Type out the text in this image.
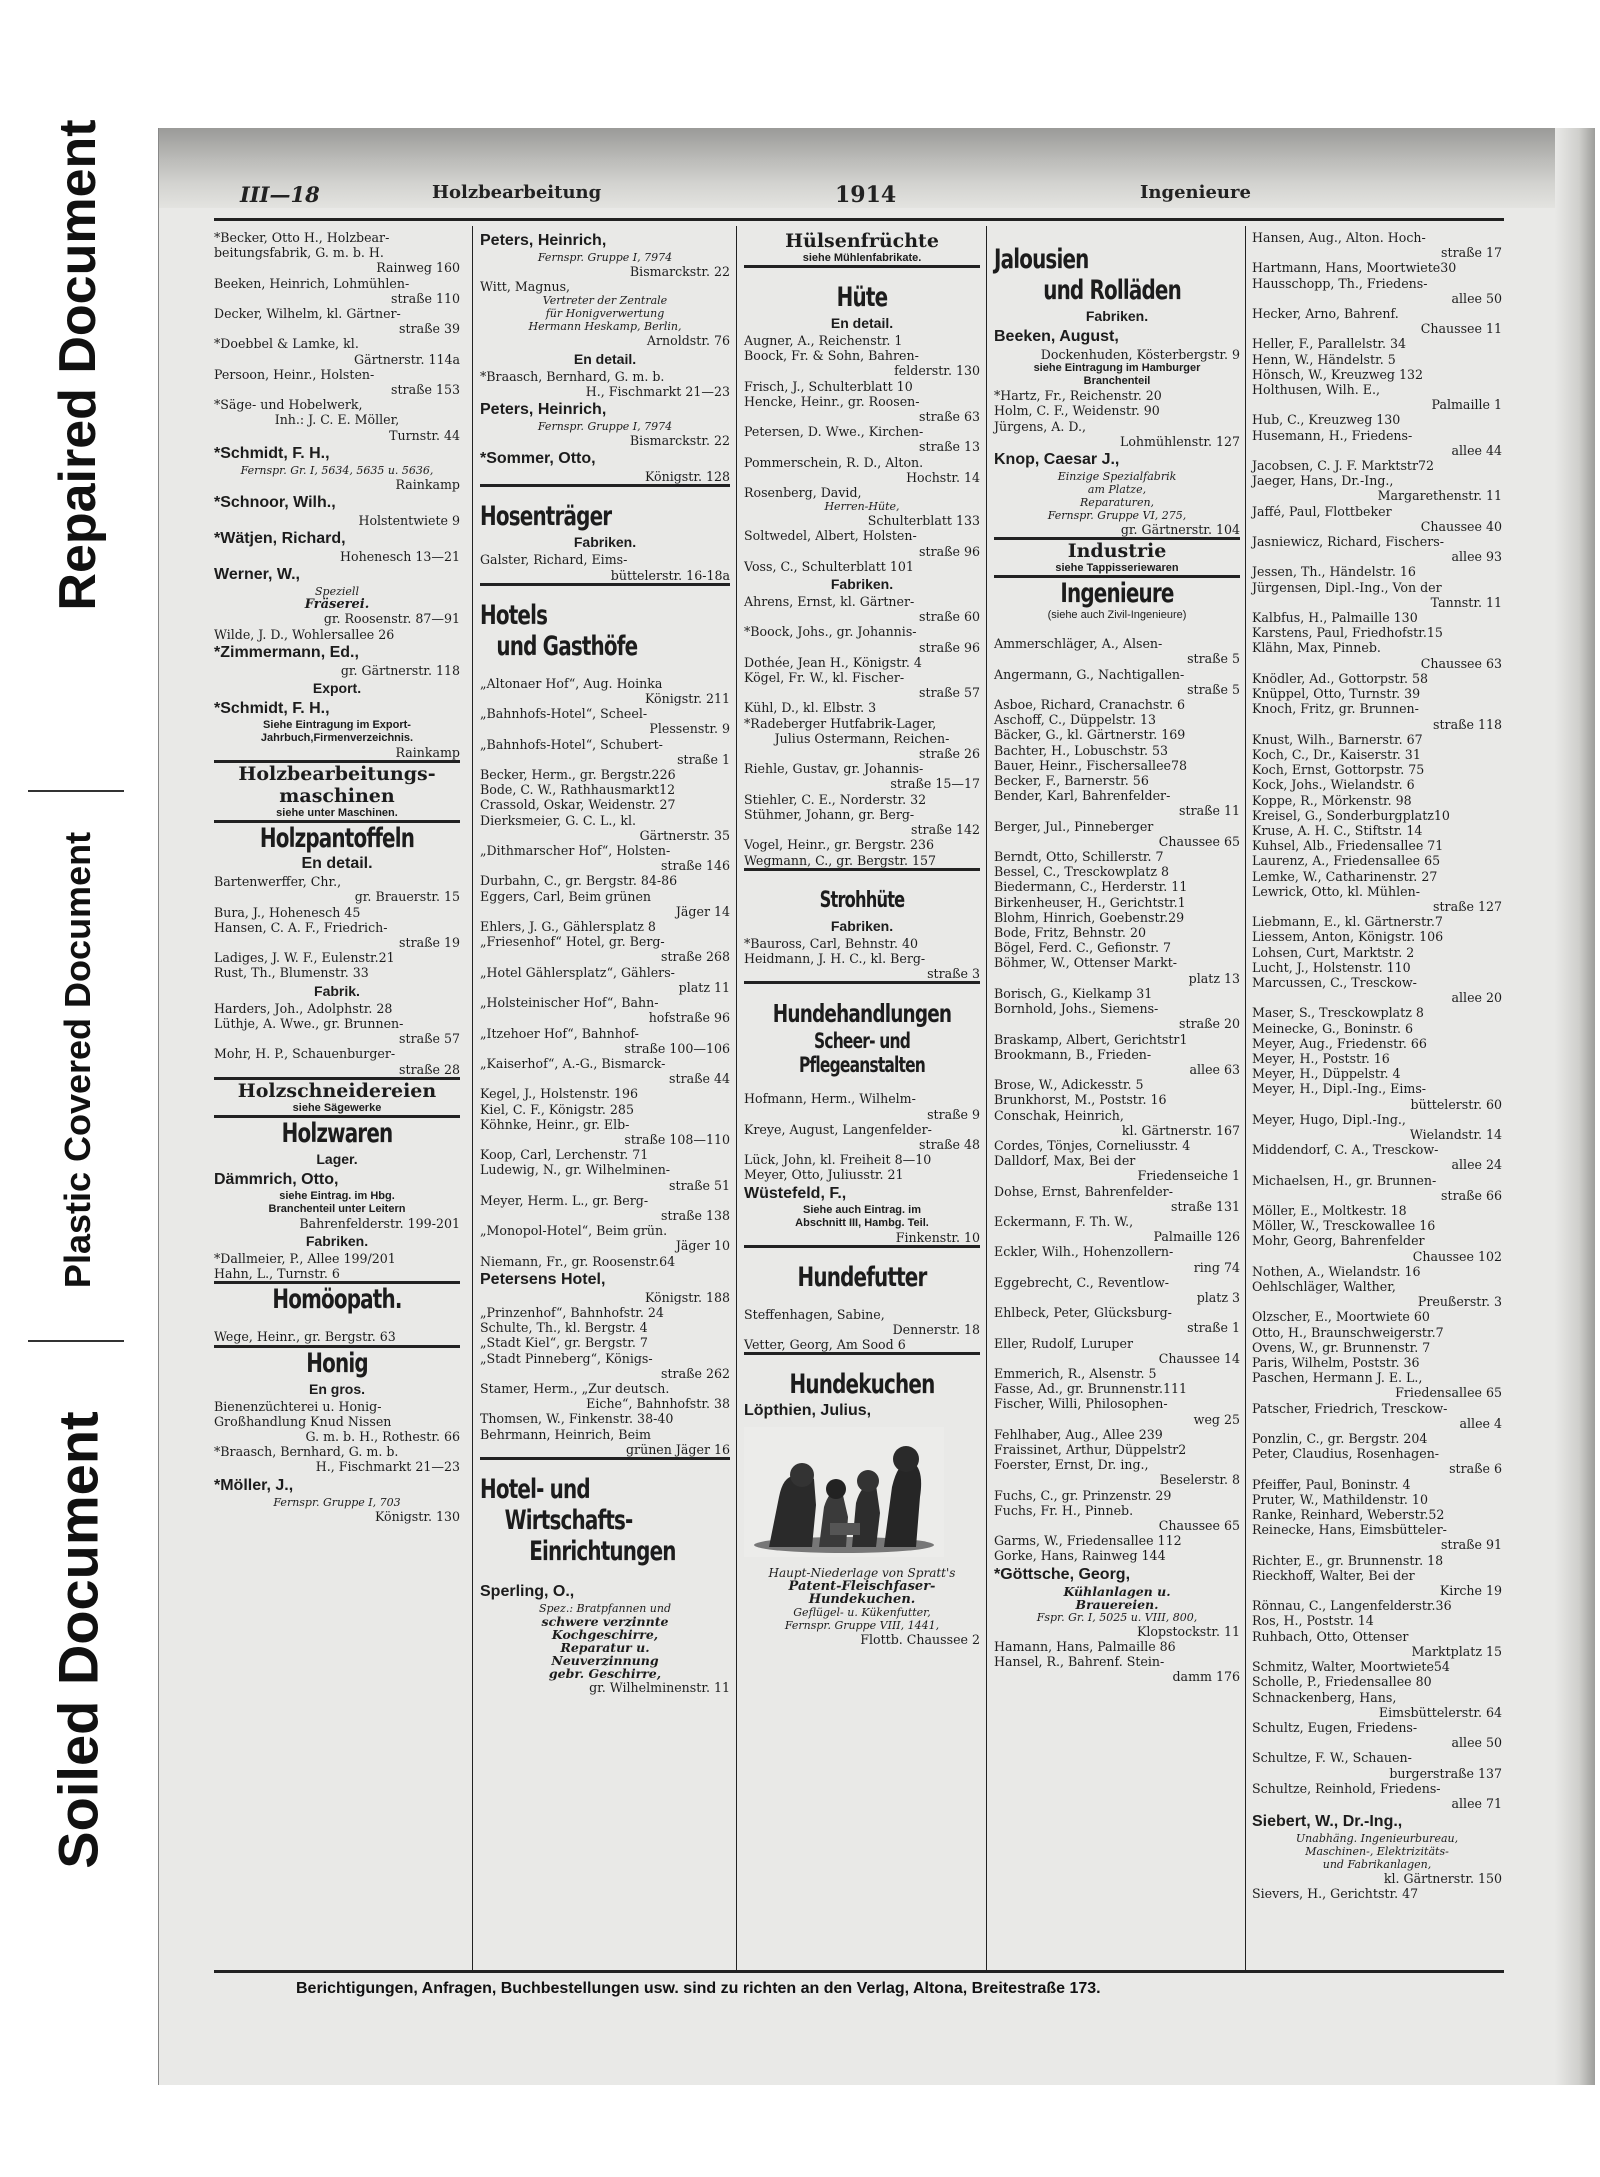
Repaired Document
Plastic Covered Document
Soiled Document
III—18	Holzbearbeitung	1914	Ingenieure
*Becker, Otto H., Holzbear-beitungsfabrik, G. m. b. H.
Rainweg 160
Beeken, Heinrich, Lohmühlen-
straße 110
Decker, Wilhelm, kl. Gärtner-
straße 39
*Doebbel & Lamke, kl.
Gärtnerstr. 114a
Persoon, Heinr., Holsten-
straße 153
*Säge- und Hobelwerk,
Inh.: J. C. E. Möller,
Turnstr. 44
*Schmidt, F. H.,
Fernspr. Gr. I, 5634, 5635 u. 5636,
Rainkamp
*Schnoor, Wilh.,
Holstentwiete 9
*Wätjen, Richard,
Hohenesch 13—21
Werner, W.,
Speziell
Fräserei.
gr. Roosenstr. 87—91
Wilde, J. D., Wohlersallee 26
*Zimmermann, Ed.,
gr. Gärtnerstr. 118
Export.
*Schmidt, F. H.,
Siehe Eintragung im Export-
Jahrbuch,Firmenverzeichnis.
Rainkamp
Holzbearbeitungs-maschinen
siehe unter Maschinen.
Holzpantoffeln
En detail.
Bartenwerffer, Chr.,
gr. Brauerstr. 15
Bura, J., Hohenesch 45
Hansen, C. A. F., Friedrich-
straße 19
Ladiges, J. W. F., Eulenstr.21
Rust, Th., Blumenstr. 33
Fabrik.
Harders, Joh., Adolphstr. 28
Lüthje, A. Wwe., gr. Brunnen-
straße 57
Mohr, H. P., Schauenburger-
straße 28
Holzschneidereien
siehe Sägewerke
Holzwaren
Lager.
Dämmrich, Otto,
siehe Eintrag. im Hbg.
Branchenteil unter Leitern
Bahrenfelderstr. 199-201
Fabriken.
*Dallmeier, P., Allee 199/201
Hahn, L., Turnstr. 6
Homöopath.
Wege, Heinr., gr. Bergstr. 63
Honig
En gros.
Bienenzüchterei u. Honig-
Großhandlung Knud Nissen
G. m. b. H., Rothestr. 66
*Braasch, Bernhard, G. m. b.
H., Fischmarkt 21—23
*Möller, J.,
Fernspr. Gruppe I, 703
Königstr. 130
Peters, Heinrich,
Fernspr. Gruppe I, 7974
Bismarckstr. 22
Witt, Magnus,
Vertreter der Zentrale
für Honigverwertung
Hermann Heskamp, Berlin,
Arnoldstr. 76
En detail.
*Braasch, Bernhard, G. m. b.
H., Fischmarkt 21—23
Peters, Heinrich,
Fernspr. Gruppe I, 7974
Bismarckstr. 22
*Sommer, Otto,
Königstr. 128
Hosenträger
Fabriken.
Galster, Richard, Eims-
büttelerstr. 16-18a
Hotels
und Gasthöfe
„Altonaer Hof“, Aug. Hoinka
Königstr. 211
„Bahnhofs-Hotel“, Scheel-
Plessenstr. 9
„Bahnhofs-Hotel“, Schubert-
straße 1
Becker, Herm., gr. Bergstr.226
Bode, C. W., Rathhausmarkt12
Crassold, Oskar, Weidenstr. 27
Dierksmeier, G. C. L., kl.
Gärtnerstr. 35
„Dithmarscher Hof“, Holsten-
straße 146
Durbahn, C., gr. Bergstr. 84-86
Eggers, Carl, Beim grünen
Jäger 14
Ehlers, J. G., Gählersplatz 8
„Friesenhof“ Hotel, gr. Berg-
straße 268
„Hotel Gählersplatz“, Gählers-
platz 11
„Holsteinischer Hof“, Bahn-
hofstraße 96
„Itzehoer Hof“, Bahnhof-
straße 100—106
„Kaiserhof“, A.-G., Bismarck-
straße 44
Kegel, J., Holstenstr. 196
Kiel, C. F., Königstr. 285
Köhnke, Heinr., gr. Elb-
straße 108—110
Koop, Carl, Lerchenstr. 71
Ludewig, N., gr. Wilhelminen-
straße 51
Meyer, Herm. L., gr. Berg-
straße 138
„Monopol-Hotel“, Beim grün.
Jäger 10
Niemann, Fr., gr. Roosenstr.64
Petersens Hotel,
Königstr. 188
„Prinzenhof“, Bahnhofstr. 24
Schulte, Th., kl. Bergstr. 4
„Stadt Kiel“, gr. Bergstr. 7
„Stadt Pinneberg“, Königs-
straße 262
Stamer, Herm., „Zur deutsch.
Eiche“, Bahnhofstr. 38
Thomsen, W., Finkenstr. 38-40
Behrmann, Heinrich, Beim
grünen Jäger 16
Hotel- und
Wirtschafts-
Einrichtungen
Sperling, O.,
Spez.: Bratpfannen und
schwere verzinnte
Kochgeschirre,
Reparatur u.
Neuverzinnung
gebr. Geschirre,
gr. Wilhelminenstr. 11
Hülsenfrüchte
siehe Mühlenfabrikate.
Hüte
En detail.
Augner, A., Reichenstr. 1
Boock, Fr. & Sohn, Bahren-
felderstr. 130
Frisch, J., Schulterblatt 10
Hencke, Heinr., gr. Roosen-
straße 63
Petersen, D. Wwe., Kirchen-
straße 13
Pommerschein, R. D., Alton.
Hochstr. 14
Rosenberg, David,
Herren-Hüte,
Schulterblatt 133
Soltwedel, Albert, Holsten-
straße 96
Voss, C., Schulterblatt 101
Fabriken.
Ahrens, Ernst, kl. Gärtner-
straße 60
*Boock, Johs., gr. Johannis-
straße 96
Dothée, Jean H., Königstr. 4
Kögel, Fr. W., kl. Fischer-
straße 57
Kühl, D., kl. Elbstr. 3
*Radeberger Hutfabrik-Lager,
Julius Ostermann, Reichen-
straße 26
Riehle, Gustav, gr. Johannis-
straße 15—17
Stiehler, C. E., Norderstr. 32
Stühmer, Johann, gr. Berg-
straße 142
Vogel, Heinr., gr. Bergstr. 236
Wegmann, C., gr. Bergstr. 157
Strohhüte
Fabriken.
*Bauross, Carl, Behnstr. 40
Heidmann, J. H. C., kl. Berg-
straße 3
Hundehandlungen
Scheer- und
Pflegeanstalten
Hofmann, Herm., Wilhelm-
straße 9
Kreye, August, Langenfelder-
straße 48
Lück, John, kl. Freiheit 8—10
Meyer, Otto, Juliusstr. 21
Wüstefeld, F.,
Siehe auch Eintrag. im
Abschnitt III, Hambg. Teil.
Finkenstr. 10
Hundefutter
Steffenhagen, Sabine,
Dennerstr. 18
Vetter, Georg, Am Sood 6
Hundekuchen
Löpthien, Julius,
Haupt-Niederlage von Spratt's
Patent-Fleischfaser-
Hundekuchen.
Geflügel- u. Kükenfutter,
Fernspr. Gruppe VIII, 1441,
Flottb. Chaussee 2
Jalousien
und Rolläden
Fabriken.
Beeken, August,
Dockenhuden, Kösterbergstr. 9
siehe Eintragung im Hamburger
Branchenteil
*Hartz, Fr., Reichenstr. 20
Holm, C. F., Weidenstr. 90
Jürgens, A. D.,
Lohmühlenstr. 127
Knop, Caesar J.,
Einzige Spezialfabrik
am Platze,
Reparaturen,
Fernspr. Gruppe VI, 275,
gr. Gärtnerstr. 104
Industrie
siehe Tappisseriewaren
Ingenieure
(siehe auch Zivil-Ingenieure)
Ammerschläger, A., Alsen-
straße 5
Angermann, G., Nachtigallen-
straße 5
Asboe, Richard, Cranachstr. 6
Aschoff, C., Düppelstr. 13
Bäcker, G., kl. Gärtnerstr. 169
Bachter, H., Lobuschstr. 53
Bauer, Heinr., Fischersallee78
Becker, F., Barnerstr. 56
Bender, Karl, Bahrenfelder-
straße 11
Berger, Jul., Pinneberger
Chaussee 65
Berndt, Otto, Schillerstr. 7
Bessel, C., Tresckowplatz 8
Biedermann, C., Herderstr. 11
Birkenheuser, H., Gerichtstr.1
Blohm, Hinrich, Goebenstr.29
Bode, Fritz, Behnstr. 20
Bögel, Ferd. C., Gefionstr. 7
Böhmer, W., Ottenser Markt-
platz 13
Borisch, G., Kielkamp 31
Bornhold, Johs., Siemens-
straße 20
Braskamp, Albert, Gerichtstr1
Brookmann, B., Frieden-
allee 63
Brose, W., Adickesstr. 5
Brunkhorst, M., Poststr. 16
Conschak, Heinrich,
kl. Gärtnerstr. 167
Cordes, Tönjes, Corneliusstr. 4
Dalldorf, Max, Bei der
Friedenseiche 1
Dohse, Ernst, Bahrenfelder-
straße 131
Eckermann, F. Th. W.,
Palmaille 126
Eckler, Wilh., Hohenzollern-
ring 74
Eggebrecht, C., Reventlow-
platz 3
Ehlbeck, Peter, Glücksburg-
straße 1
Eller, Rudolf, Luruper
Chaussee 14
Emmerich, R., Alsenstr. 5
Fasse, Ad., gr. Brunnenstr.111
Fischer, Willi, Philosophen-
weg 25
Fehlhaber, Aug., Allee 239
Fraissinet, Arthur, Düppelstr2
Foerster, Ernst, Dr. ing.,
Beselerstr. 8
Fuchs, C., gr. Prinzenstr. 29
Fuchs, Fr. H., Pinneb.
Chaussee 65
Garms, W., Friedensallee 112
Gorke, Hans, Rainweg 144
*Göttsche, Georg,
Kühlanlagen u.
Brauereien.
Fspr. Gr. I, 5025 u. VIII, 800,
Klopstockstr. 11
Hamann, Hans, Palmaille 86
Hansel, R., Bahrenf. Stein-
damm 176
Hansen, Aug., Alton. Hoch-
straße 17
Hartmann, Hans, Moortwiete30
Hausschopp, Th., Friedens-
allee 50
Hecker, Arno, Bahrenf.
Chaussee 11
Heller, F., Parallelstr. 34
Henn, W., Händelstr. 5
Hönsch, W., Kreuzweg 132
Holthusen, Wilh. E.,
Palmaille 1
Hub, C., Kreuzweg 130
Husemann, H., Friedens-
allee 44
Jacobsen, C. J. F. Marktstr72
Jaeger, Hans, Dr.-Ing.,
Margarethenstr. 11
Jaffé, Paul, Flottbeker
Chaussee 40
Jasniewicz, Richard, Fischers-
allee 93
Jessen, Th., Händelstr. 16
Jürgensen, Dipl.-Ing., Von der
Tannstr. 11
Kalbfus, H., Palmaille 130
Karstens, Paul, Friedhofstr.15
Klähn, Max, Pinneb.
Chaussee 63
Knödler, Ad., Gottorpstr. 58
Knüppel, Otto, Turnstr. 39
Knoch, Fritz, gr. Brunnen-
straße 118
Knust, Wilh., Barnerstr. 67
Koch, C., Dr., Kaiserstr. 31
Koch, Ernst, Gottorpstr. 75
Kock, Johs., Wielandstr. 6
Koppe, R., Mörkenstr. 98
Kreisel, G., Sonderburgplatz10
Kruse, A. H. C., Stiftstr. 14
Kuhsel, Alb., Friedensallee 71
Laurenz, A., Friedensallee 65
Lemke, W., Catharinenstr. 27
Lewrick, Otto, kl. Mühlen-
straße 127
Liebmann, E., kl. Gärtnerstr.7
Liessem, Anton, Königstr. 106
Lohsen, Curt, Marktstr. 2
Lucht, J., Holstenstr. 110
Marcussen, C., Tresckow-
allee 20
Maser, S., Tresckowplatz 8
Meinecke, G., Boninstr. 6
Meyer, Aug., Friedenstr. 66
Meyer, H., Poststr. 16
Meyer, H., Düppelstr. 4
Meyer, H., Dipl.-Ing., Eims-
büttelerstr. 60
Meyer, Hugo, Dipl.-Ing.,
Wielandstr. 14
Middendorf, C. A., Tresckow-
allee 24
Michaelsen, H., gr. Brunnen-
straße 66
Möller, E., Moltkestr. 18
Möller, W., Tresckowallee 16
Mohr, Georg, Bahrenfelder
Chaussee 102
Nothen, A., Wielandstr. 16
Oehlschläger, Walther,
Preußerstr. 3
Olzscher, E., Moortwiete 60
Otto, H., Braunschweigerstr.7
Ovens, W., gr. Brunnenstr. 7
Paris, Wilhelm, Poststr. 36
Paschen, Hermann J. E. L.,
Friedensallee 65
Patscher, Friedrich, Tresckow-
allee 4
Ponzlin, C., gr. Bergstr. 204
Peter, Claudius, Rosenhagen-
straße 6
Pfeiffer, Paul, Boninstr. 4
Pruter, W., Mathildenstr. 10
Ranke, Reinhard, Weberstr.52
Reinecke, Hans, Eimsbütteler-
straße 91
Richter, E., gr. Brunnenstr. 18
Rieckhoff, Walter, Bei der
Kirche 19
Rönnau, C., Langenfelderstr.36
Ros, H., Poststr. 14
Ruhbach, Otto, Ottenser
Marktplatz 15
Schmitz, Walter, Moortwiete54
Scholle, P., Friedensallee 80
Schnackenberg, Hans,
Eimsbüttelerstr. 64
Schultz, Eugen, Friedens-
allee 50
Schultze, F. W., Schauen-
burgerstraße 137
Schultze, Reinhold, Friedens-
allee 71
Siebert, W., Dr.-Ing.,
Unabhäng. Ingenieurbureau,
Maschinen-, Elektrizitäts-
und Fabrikanlagen,
kl. Gärtnerstr. 150
Sievers, H., Gerichtstr. 47
Berichtigungen, Anfragen, Buchbestellungen usw. sind zu richten an den Verlag, Altona, Breitestraße 173.
